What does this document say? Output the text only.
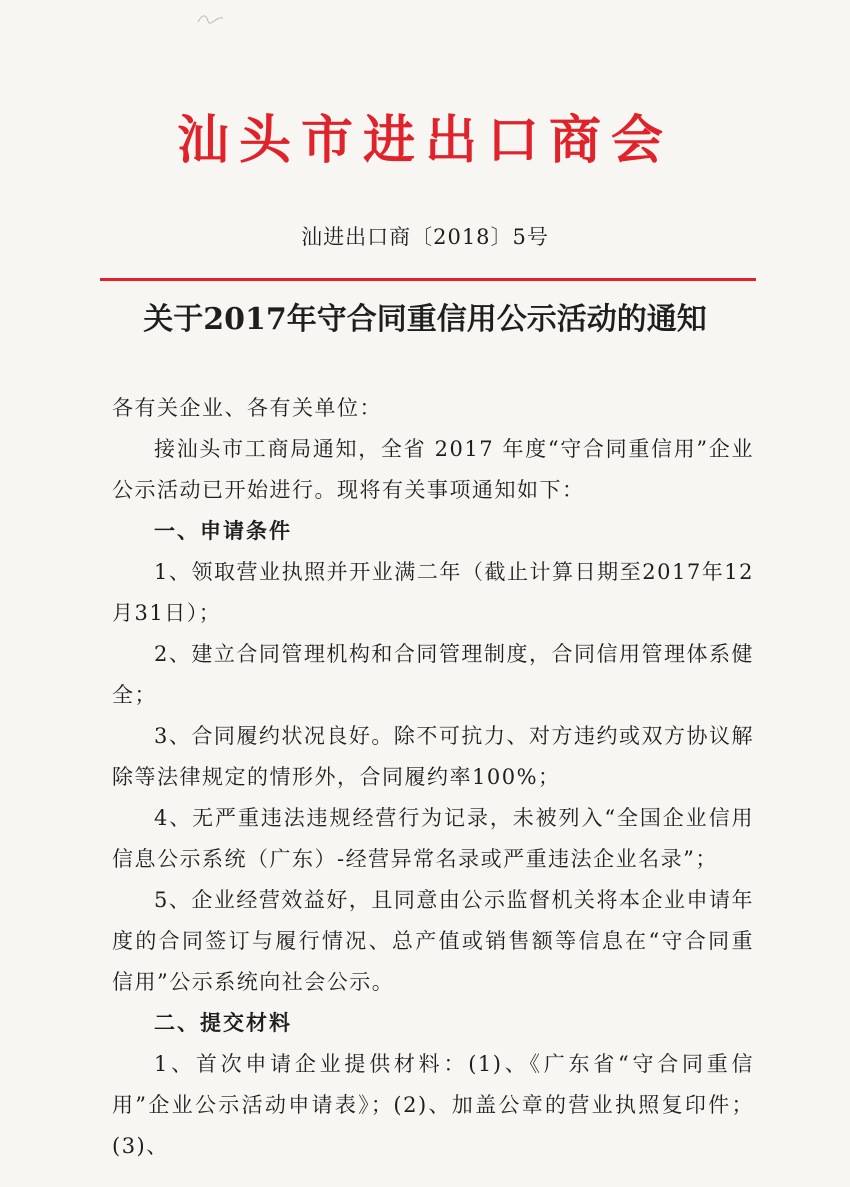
汕头市进出口商会
汕进出口商〔2018〕5号
关于2017年守合同重信用公示活动的通知

各有关企业、各有关单位：

接汕头市工商局通知，全省 2017 年度“守合同重信用”企业公示活动已开始进行。现将有关事项通知如下：

一、申请条件

1、领取营业执照并开业满二年（截止计算日期至2017年12月31日）；

2、建立合同管理机构和合同管理制度，合同信用管理体系健全；

3、合同履约状况良好。除不可抗力、对方违约或双方协议解除等法律规定的情形外，合同履约率100%；

4、无严重违法违规经营行为记录，未被列入“全国企业信用信息公示系统（广东）-经营异常名录或严重违法企业名录”；

5、企业经营效益好，且同意由公示监督机关将本企业申请年度的合同签订与履行情况、总产值或销售额等信息在“守合同重信用”公示系统向社会公示。

二、提交材料

1、首次申请企业提供材料：(1)、《广东省“守合同重信用”企业公示活动申请表》；(2)、加盖公章的营业执照复印件；(3)、
